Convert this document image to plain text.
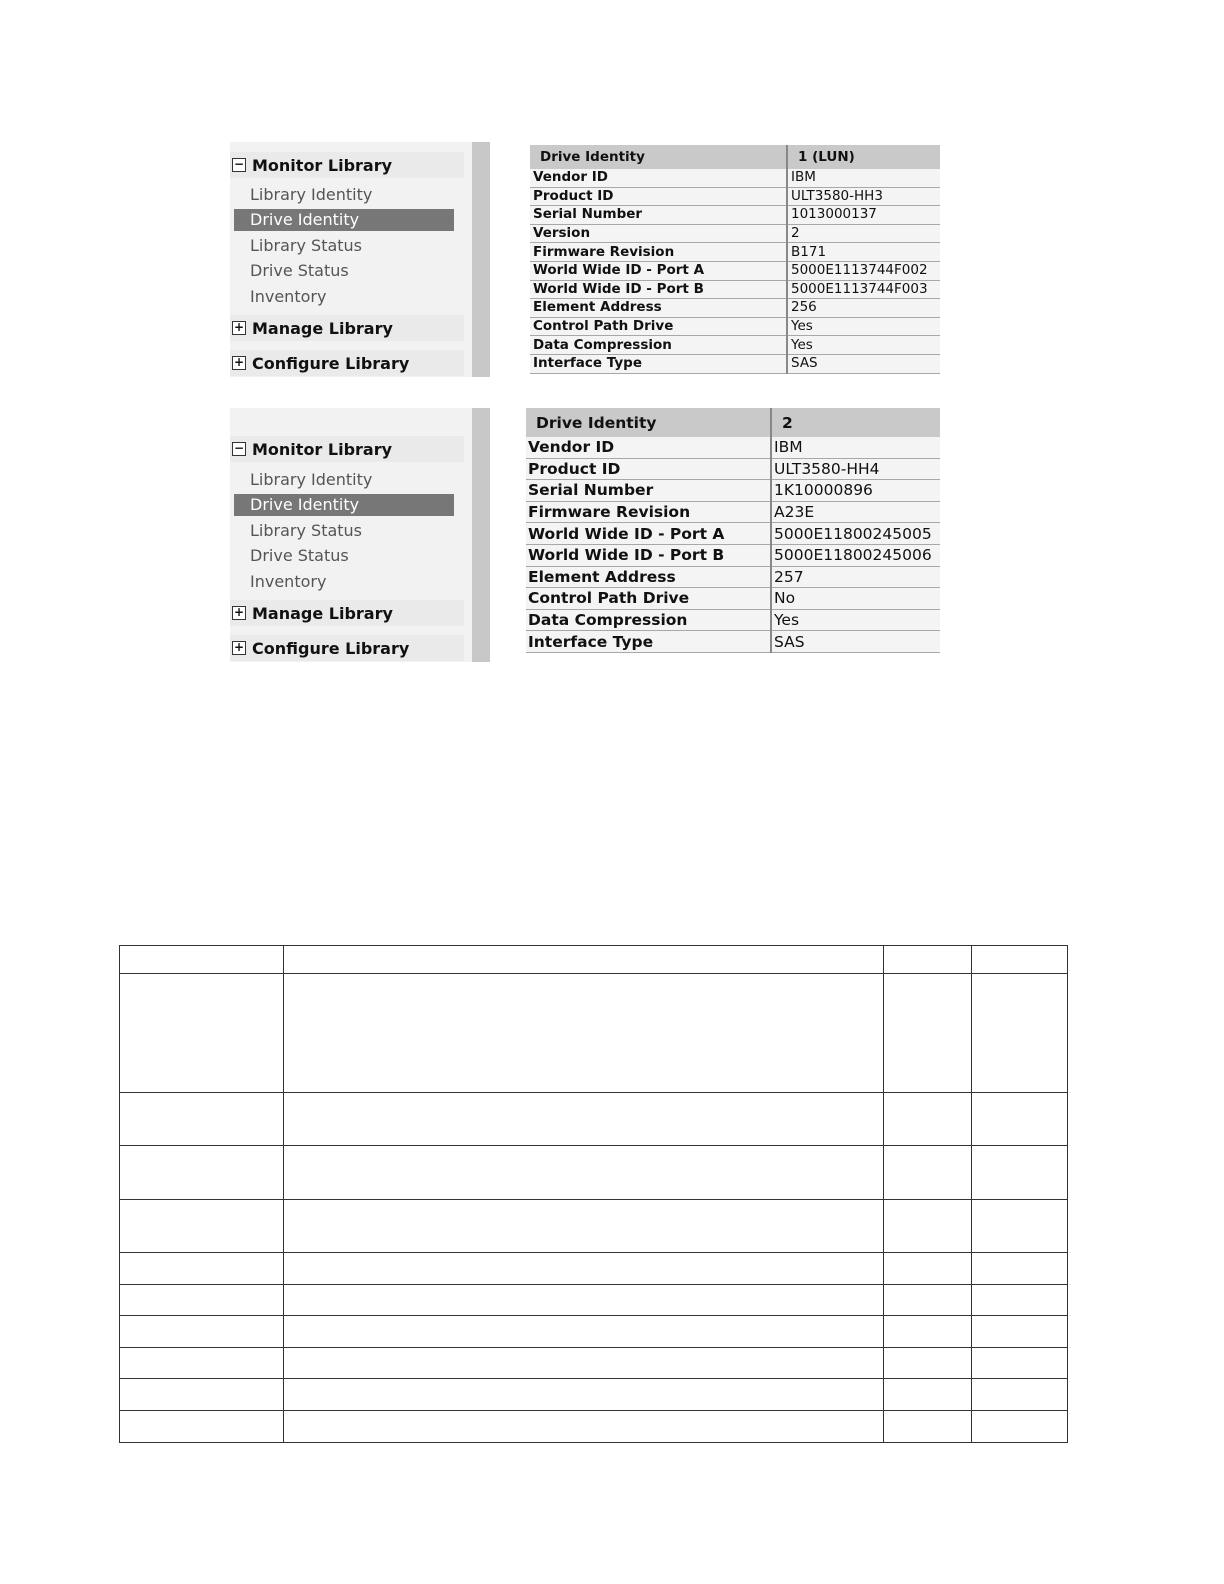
− Monitor Library
Library Identity
Drive Identity
Library Status
Drive Status
Inventory
+ Manage Library
+ Configure Library
Drive Identity	1 (LUN)
Vendor ID	IBM
Product ID	ULT3580-HH3
Serial Number	1013000137
Version	2
Firmware Revision	B171
World Wide ID - Port A	5000E1113744F002
World Wide ID - Port B	5000E1113744F003
Element Address	256
Control Path Drive	Yes
Data Compression	Yes
Interface Type	SAS
− Monitor Library
Library Identity
Drive Identity
Library Status
Drive Status
Inventory
+ Manage Library
+ Configure Library
Drive Identity	2
Vendor ID	IBM
Product ID	ULT3580-HH4
Serial Number	1K10000896
Firmware Revision	A23E
World Wide ID - Port A	5000E11800245005
World Wide ID - Port B	5000E11800245006
Element Address	257
Control Path Drive	No
Data Compression	Yes
Interface Type	SAS
